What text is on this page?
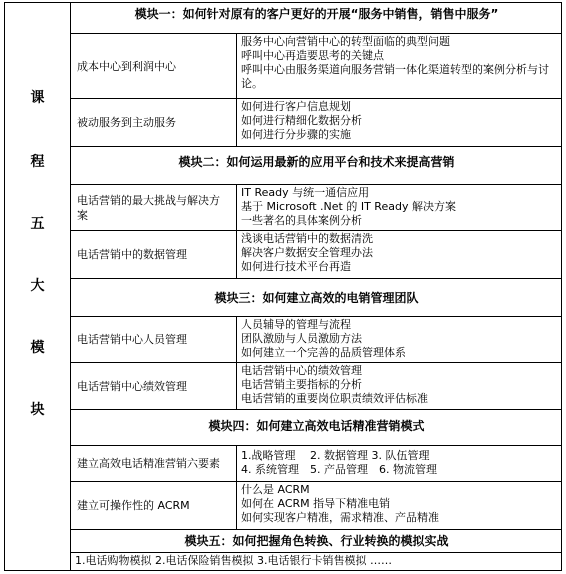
课
程
五
大
模
块
模块一：如何针对原有的客户更好的开展“服务中销售，销售中服务”
成本中心到利润中心
服务中心向营销中心的转型面临的典型问题
呼叫中心再造要思考的关键点
呼叫中心由服务渠道向服务营销一体化渠道转型的案例分析与讨论。
被动服务到主动服务
如何进行客户信息规划
如何进行精细化数据分析
如何进行分步骤的实施
模块二：如何运用最新的应用平台和技术来提高营销
电话营销的最大挑战与解决方案
IT Ready 与统一通信应用
基于 Microsoft .Net 的 IT Ready 解决方案
一些著名的具体案例分析
电话营销中的数据管理
浅谈电话营销中的数据清洗
解决客户数据安全管理办法
如何进行技术平台再造
模块三：如何建立高效的电销管理团队
电话营销中心人员管理
人员辅导的管理与流程
团队激励与人员激励方法
如何建立一个完善的品质管理体系
电话营销中心绩效管理
电话营销中心的绩效管理
电话营销主要指标的分析
电话营销的重要岗位职责绩效评估标准
模块四：如何建立高效电话精准营销模式
建立高效电话精准营销六要素
1.战略管理　 2. 数据管理 3. 队伍管理
4. 系统管理　5. 产品管理　6. 物流管理
建立可操作性的 ACRM
什么是 ACRM
如何在 ACRM 指导下精准电销
如何实现客户精准，需求精准、产品精准
模块五：如何把握角色转换、行业转换的模拟实战
1.电话购物模拟 2.电话保险销售模拟 3.电话银行卡销售模拟 ……
